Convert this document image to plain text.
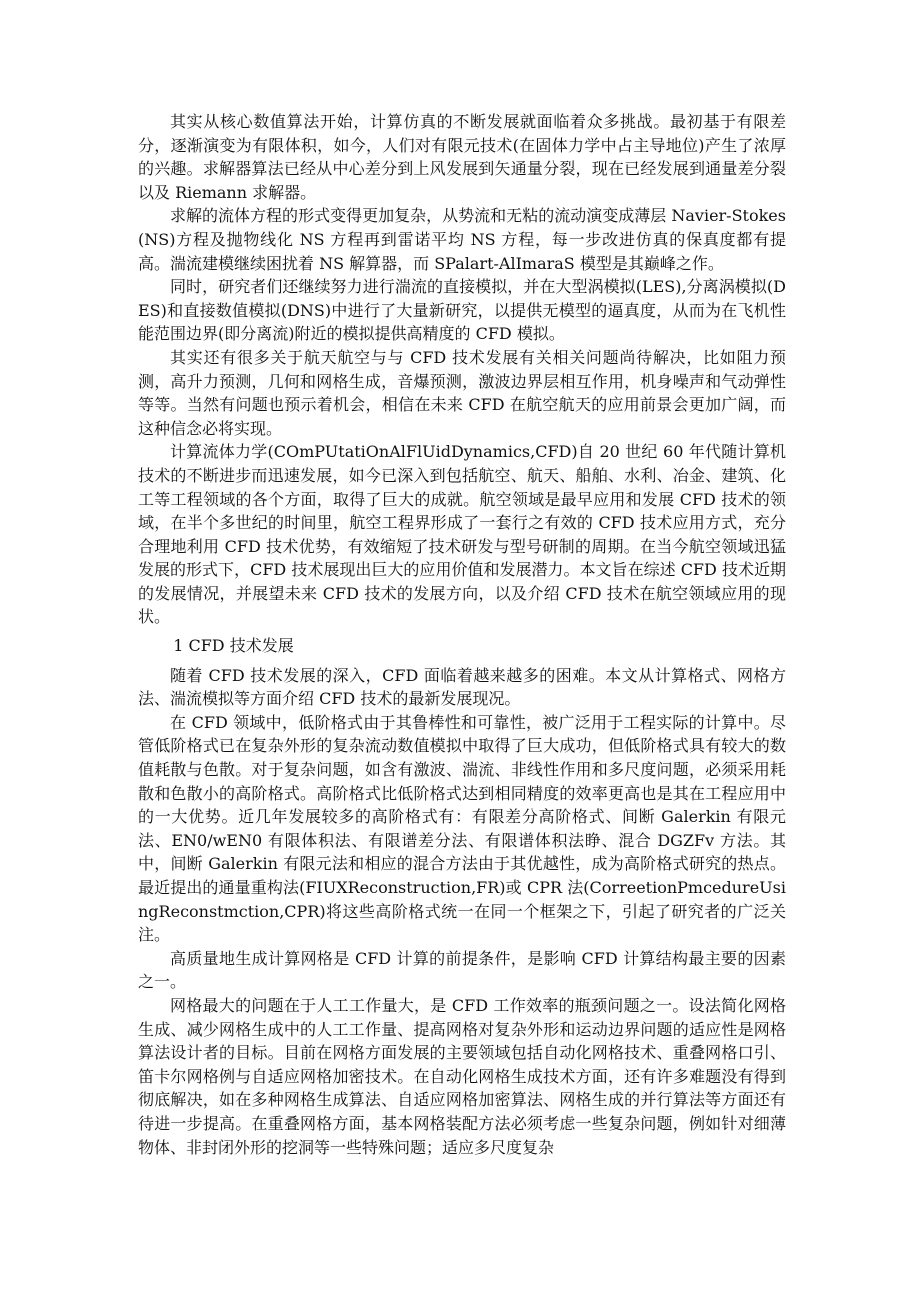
其实从核心数值算法开始，计算仿真的不断发展就面临着众多挑战。最初基于有限差分，逐渐演变为有限体积，如今，人们对有限元技术(在固体力学中占主导地位)产生了浓厚的兴趣。求解器算法已经从中心差分到上风发展到矢通量分裂，现在已经发展到通量差分裂以及 Riemann 求解器。

求解的流体方程的形式变得更加复杂，从势流和无粘的流动演变成薄层 Navier-Stokes(NS)方程及抛物线化 NS 方程再到雷诺平均 NS 方程，每一步改进仿真的保真度都有提高。湍流建模继续困扰着 NS 解算器，而 SPalart-AlImaraS 模型是其巅峰之作。

同时，研究者们还继续努力进行湍流的直接模拟，并在大型涡模拟(LES),分离涡模拟(DES)和直接数值模拟(DNS)中进行了大量新研究，以提供无模型的逼真度，从而为在飞机性能范围边界(即分离流)附近的模拟提供高精度的 CFD 模拟。

其实还有很多关于航天航空与与 CFD 技术发展有关相关问题尚待解决，比如阻力预测，高升力预测，几何和网格生成，音爆预测，激波边界层相互作用，机身噪声和气动弹性等等。当然有问题也预示着机会，相信在未来 CFD 在航空航天的应用前景会更加广阔，而这种信念必将实现。

计算流体力学(COmPUtatiOnAlFlUidDynamics,CFD)自 20 世纪 60 年代随计算机技术的不断进步而迅速发展，如今已深入到包括航空、航天、船舶、水利、冶金、建筑、化工等工程领域的各个方面，取得了巨大的成就。航空领域是最早应用和发展 CFD 技术的领域，在半个多世纪的时间里，航空工程界形成了一套行之有效的 CFD 技术应用方式，充分合理地利用 CFD 技术优势，有效缩短了技术研发与型号研制的周期。在当今航空领域迅猛发展的形式下，CFD 技术展现出巨大的应用价值和发展潜力。本文旨在综述 CFD 技术近期的发展情况，并展望未来 CFD 技术的发展方向，以及介绍 CFD 技术在航空领域应用的现状。

1 CFD 技术发展

随着 CFD 技术发展的深入，CFD 面临着越来越多的困难。本文从计算格式、网格方法、湍流模拟等方面介绍 CFD 技术的最新发展现况。

在 CFD 领域中，低阶格式由于其鲁棒性和可靠性，被广泛用于工程实际的计算中。尽管低阶格式已在复杂外形的复杂流动数值模拟中取得了巨大成功，但低阶格式具有较大的数值耗散与色散。对于复杂问题，如含有激波、湍流、非线性作用和多尺度问题，必须采用耗散和色散小的高阶格式。高阶格式比低阶格式达到相同精度的效率更高也是其在工程应用中的一大优势。近几年发展较多的高阶格式有：有限差分高阶格式、间断 Galerkin 有限元法、EN0/wEN0 有限体积法、有限谱差分法、有限谱体积法睁、混合 DGZFv 方法。其中，间断 Galerkin 有限元法和相应的混合方法由于其优越性，成为高阶格式研究的热点。最近提出的通量重构法(FIUXReconstruction,FR)或 CPR 法(CorreetionPmcedureUsingReconstmction,CPR)将这些高阶格式统一在同一个框架之下，引起了研究者的广泛关注。

高质量地生成计算网格是 CFD 计算的前提条件，是影响 CFD 计算结构最主要的因素之一。

网格最大的问题在于人工工作量大，是 CFD 工作效率的瓶颈问题之一。设法简化网格生成、减少网格生成中的人工工作量、提高网格对复杂外形和运动边界问题的适应性是网格算法设计者的目标。目前在网格方面发展的主要领域包括自动化网格技术、重叠网格口引、笛卡尔网格例与自适应网格加密技术。在自动化网格生成技术方面，还有许多难题没有得到彻底解决，如在多种网格生成算法、自适应网格加密算法、网格生成的并行算法等方面还有待进一步提高。在重叠网格方面，基本网格装配方法必须考虑一些复杂问题，例如针对细薄物体、非封闭外形的挖洞等一些特殊问题；适应多尺度复杂
